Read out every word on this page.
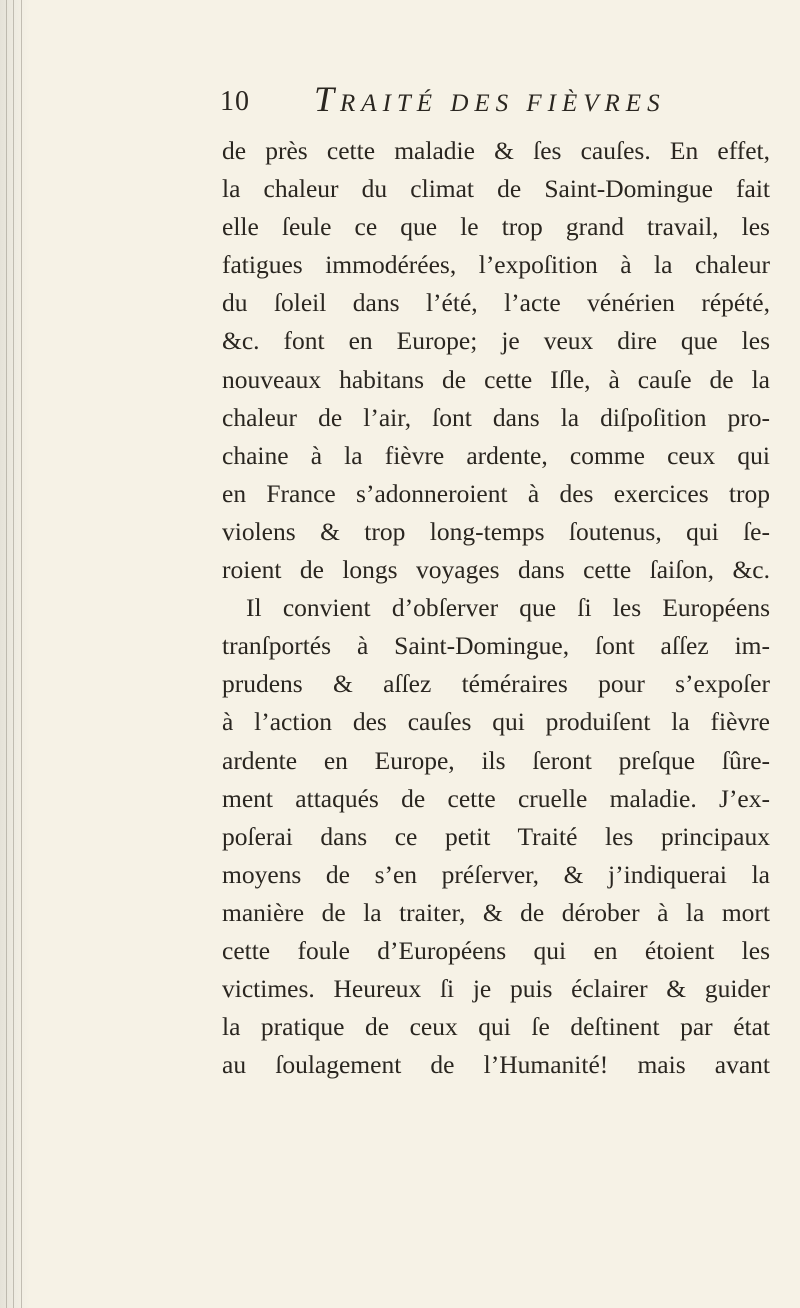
10 TRAITÉ DES FIÈVRES
de près cette maladie & ſes cauſes. En effet,
la chaleur du climat de Saint-Domingue fait
elle ſeule ce que le trop grand travail, les
fatigues immodérées, l’expoſition à la chaleur
du ſoleil dans l’été, l’acte vénérien répété,
&c. font en Europe; je veux dire que les
nouveaux habitans de cette Iſle, à cauſe de la
chaleur de l’air, ſont dans la diſpoſition pro-
chaine à la fièvre ardente, comme ceux qui
en France s’adonneroient à des exercices trop
violens & trop long-temps ſoutenus, qui ſe-
roient de longs voyages dans cette ſaiſon, &c.
Il convient d’obſerver que ſi les Européens
tranſportés à Saint-Domingue, ſont aſſez im-
prudens & aſſez téméraires pour s’expoſer
à l’action des cauſes qui produiſent la fièvre
ardente en Europe, ils ſeront preſque ſûre-
ment attaqués de cette cruelle maladie. J’ex-
poſerai dans ce petit Traité les principaux
moyens de s’en préſerver, & j’indiquerai la
manière de la traiter, & de dérober à la mort
cette foule d’Européens qui en étoient les
victimes. Heureux ſi je puis éclairer & guider
la pratique de ceux qui ſe deſtinent par état
au ſoulagement de l’Humanité! mais avant
